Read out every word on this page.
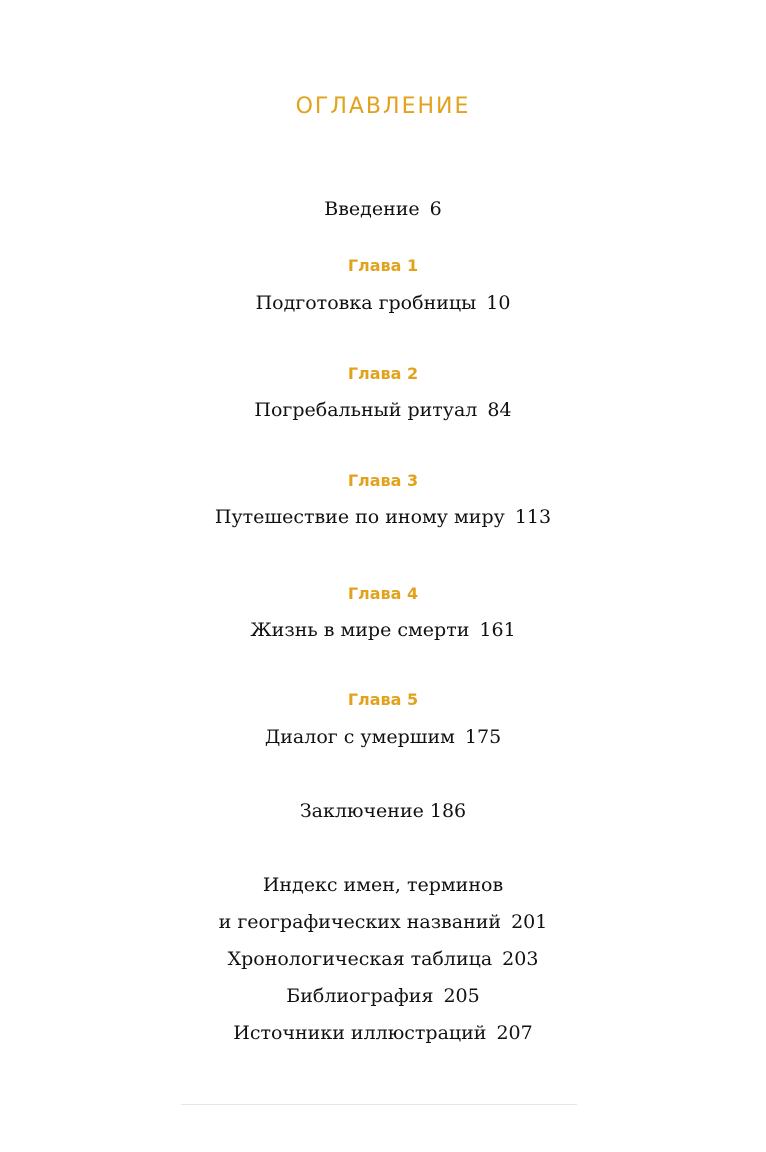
ОГЛАВЛЕНИЕ
Введение 6
Глава 1
Подготовка гробницы 10
Глава 2
Погребальный ритуал 84
Глава 3
Путешествие по иному миру 113
Глава 4
Жизнь в мире смерти 161
Глава 5
Диалог с умершим 175
Заключение 186
Индекс имен, терминов
и географических названий 201
Хронологическая таблица 203
Библиография 205
Источники иллюстраций 207
